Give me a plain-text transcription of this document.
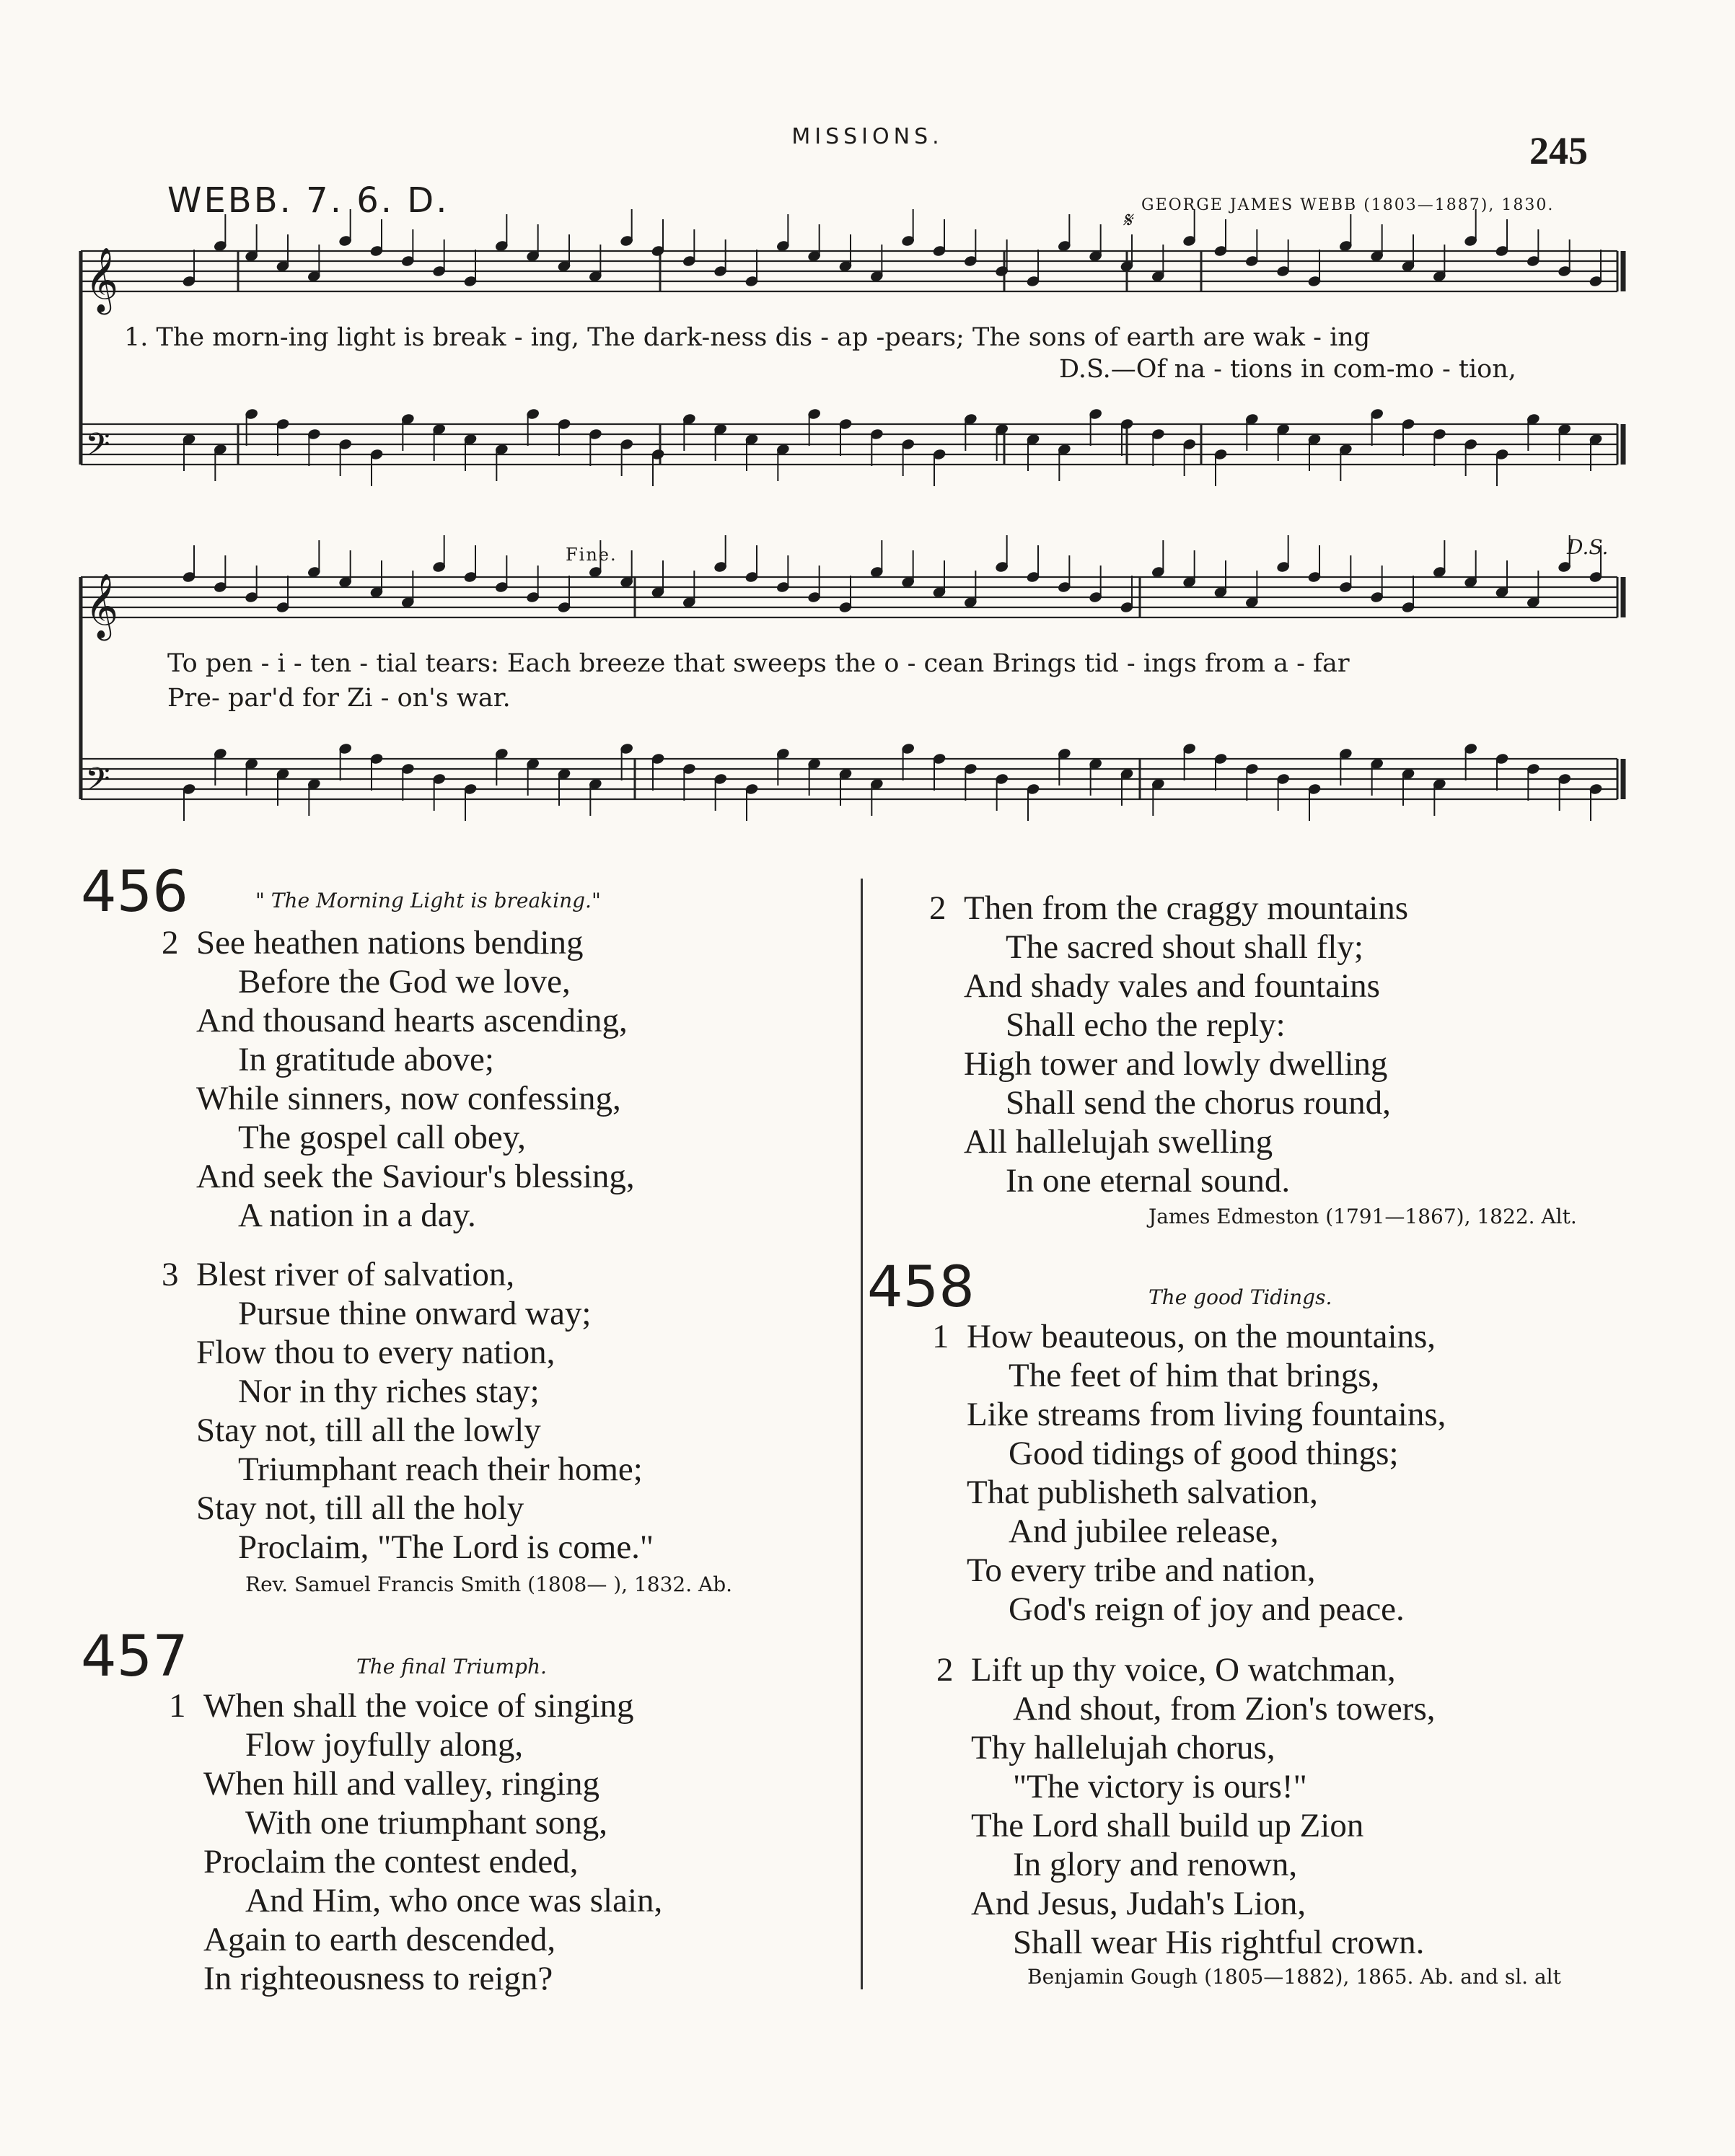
MISSIONS.	245
WEBB. 7. 6. D.	GEORGE JAMES WEBB (1803—1887), 1830.
𝄞
𝄢
𝄞
𝄢
𝄋
Fine.	D.S.
1. The morn-ing light is break - ing, The dark-ness dis - ap -pears; The sons of earth are wak - ing
D.S.—Of na - tions in com-mo - tion,
To pen - i - ten - tial tears: Each breeze that sweeps the o - cean Brings tid - ings from a - far
Pre- par'd for Zi - on's war.
456	" The Morning Light is breaking."
2 See heathen nations bending
Before the God we love,
And thousand hearts ascending,
In gratitude above;
While sinners, now confessing,
The gospel call obey,
And seek the Saviour's blessing,
A nation in a day.
3 Blest river of salvation,
Pursue thine onward way;
Flow thou to every nation,
Nor in thy riches stay;
Stay not, till all the lowly
Triumphant reach their home;
Stay not, till all the holy
Proclaim, "The Lord is come."
Rev. Samuel Francis Smith (1808— ), 1832. Ab.
457	The final Triumph.
1 When shall the voice of singing
Flow joyfully along,
When hill and valley, ringing
With one triumphant song,
Proclaim the contest ended,
And Him, who once was slain,
Again to earth descended,
In righteousness to reign?
2 Then from the craggy mountains
The sacred shout shall fly;
And shady vales and fountains
Shall echo the reply:
High tower and lowly dwelling
Shall send the chorus round,
All hallelujah swelling
In one eternal sound.
James Edmeston (1791—1867), 1822. Alt.
458	The good Tidings.
1 How beauteous, on the mountains,
The feet of him that brings,
Like streams from living fountains,
Good tidings of good things;
That publisheth salvation,
And jubilee release,
To every tribe and nation,
God's reign of joy and peace.
2 Lift up thy voice, O watchman,
And shout, from Zion's towers,
Thy hallelujah chorus,
"The victory is ours!"
The Lord shall build up Zion
In glory and renown,
And Jesus, Judah's Lion,
Shall wear His rightful crown.
Benjamin Gough (1805—1882), 1865. Ab. and sl. alt
